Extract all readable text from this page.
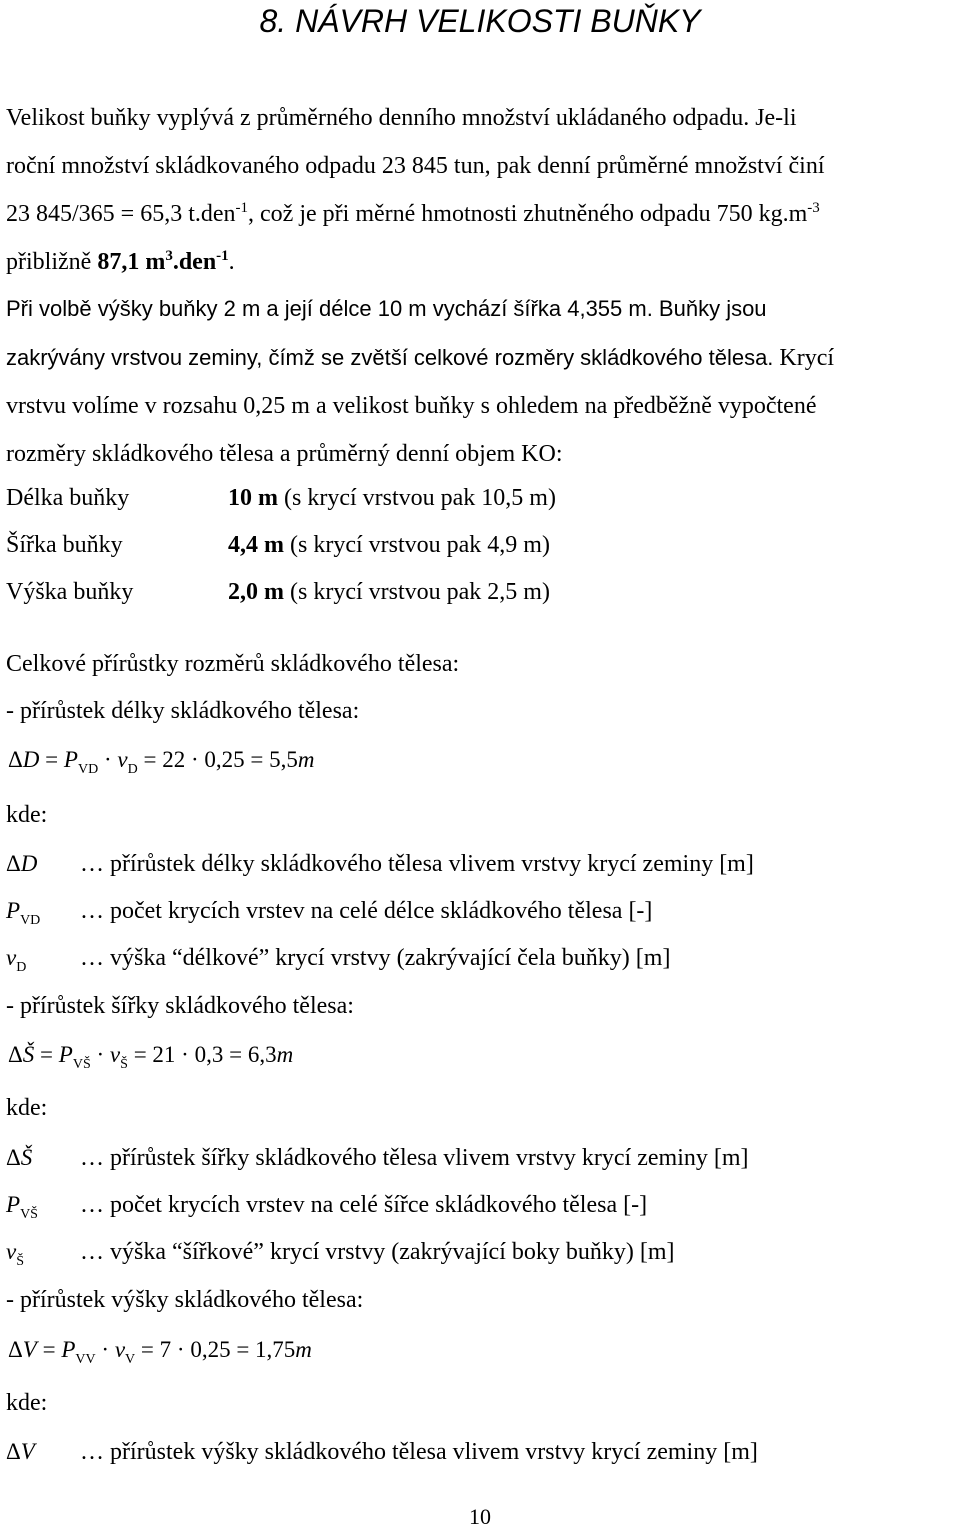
8. NÁVRH VELIKOSTI BUŇKY
Velikost buňky vyplývá z průměrného denního množství ukládaného odpadu. Je-li
roční množství skládkovaného odpadu 23 845 tun, pak denní průměrné množství činí
23 845/365 = 65,3 t.den$^{-1}$, což je při měrné hmotnosti zhutněného odpadu 750 $kg.m^{-3}$
přibližně 87,1 $m^3.den^{-1}$.
Při volbě výšky buňky 2 m a její délce 10 m vychází šířka 4,355 m. Buňky jsou
zakrývány vrstvou zeminy, čímž se zvětší celkové rozměry skládkového tělesa. Krycí
vrstvu volíme v rozsahu 0,25 m a velikost buňky s ohledem na předběžně vypočtené
rozměry skládkového tělesa a průměrný denní objem KO:
Délka buňky	10 m (s krycí vrstvou pak 10,5 m)
Šířka buňky	4,4 m (s krycí vrstvou pak 4,9 m)
Výška buňky	2,0 m (s krycí vrstvou pak 2,5 m)
Celkové přírůstky rozměrů skládkového tělesa:
- přírůstek délky skládkového tělesa:
$\Delta D = P_{VD} \cdot v_D = 22 \cdot 0,25 = 5,5m$
kde:
ΔD … přírůstek délky skládkového tělesa vlivem vrstvy krycí zeminy [m]
$P_{VD}$ … počet krycích vrstev na celé délce skládkového tělesa [-]
$v_D$ … výška “délkové” krycí vrstvy (zakrývající čela buňky) [m]
- přírůstek šířky skládkového tělesa:
ΔŠ = $P_{VŠ} \cdot v_Š = 21 \cdot 0,3 = 6,3m$
kde:
ΔŠ … přírůstek šířky skládkového tělesa vlivem vrstvy krycí zeminy [m]
$P_{VŠ}$ … počet krycích vrstev na celé šířce skládkového tělesa [-]
$v_Š$ … výška “šířkové” krycí vrstvy (zakrývající boky buňky) [m]
- přírůstek výšky skládkového tělesa:
$\Delta V = P_{VV} \cdot v_V = 7 \cdot 0,25 = 1,75m$
kde:
ΔV … přírůstek výšky skládkového tělesa vlivem vrstvy krycí zeminy [m]
10
